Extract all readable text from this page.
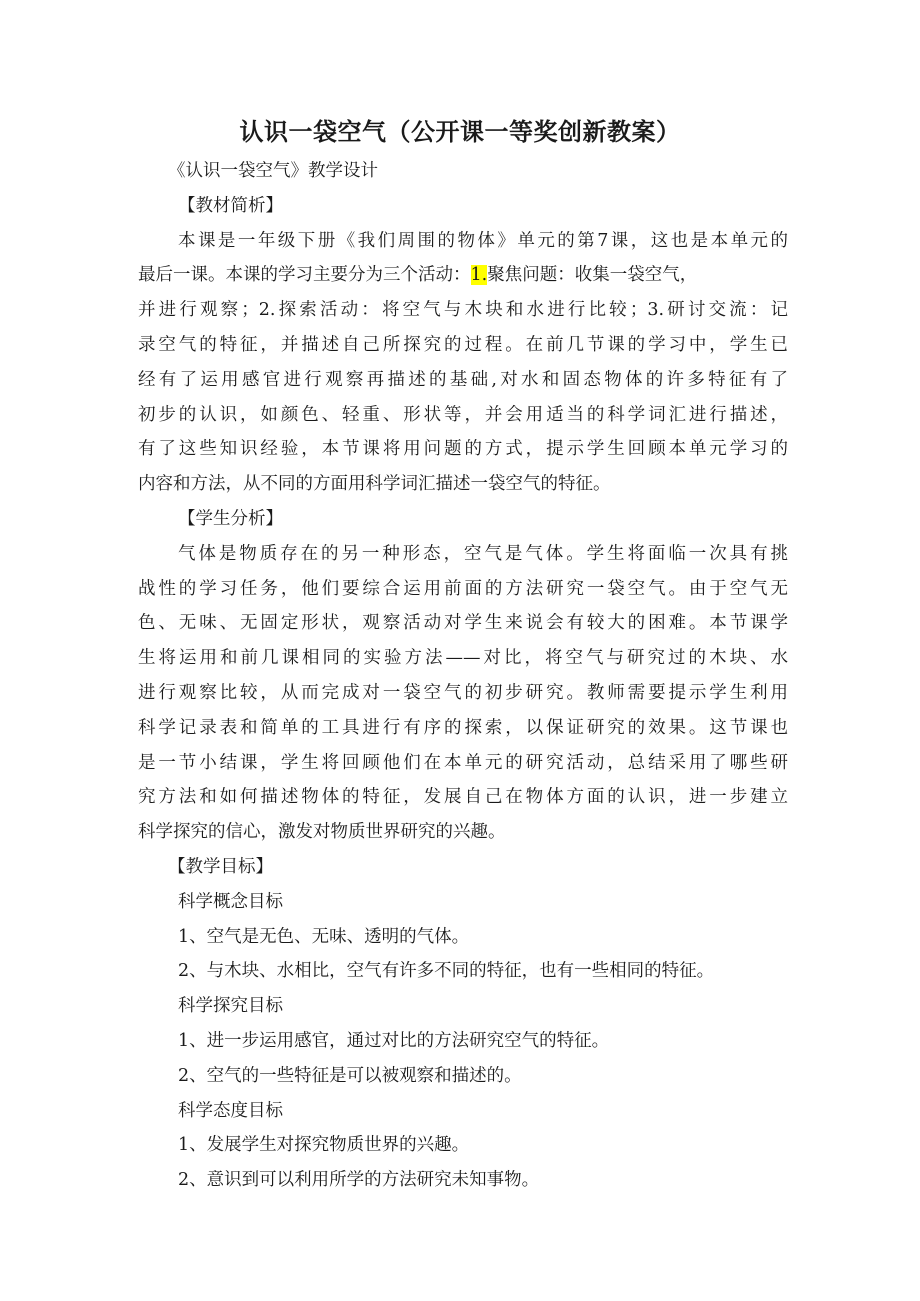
认识一袋空气（公开课一等奖创新教案）
《认识一袋空气》教学设计
【教材简析】
本课是一年级下册《我们周围的物体》单元的第7课，这也是本单元的
最后一课。本课的学习主要分为三个活动：1.聚焦问题：收集一袋空气，
并进行观察；2.探索活动：将空气与木块和水进行比较；3.研讨交流：记
录空气的特征，并描述自己所探究的过程。在前几节课的学习中，学生已
经有了运用感官进行观察再描述的基础,对水和固态物体的许多特征有了
初步的认识，如颜色、轻重、形状等，并会用适当的科学词汇进行描述，
有了这些知识经验，本节课将用问题的方式，提示学生回顾本单元学习的
内容和方法，从不同的方面用科学词汇描述一袋空气的特征。
【学生分析】
气体是物质存在的另一种形态，空气是气体。学生将面临一次具有挑
战性的学习任务，他们要综合运用前面的方法研究一袋空气。由于空气无
色、无味、无固定形状，观察活动对学生来说会有较大的困难。本节课学
生将运用和前几课相同的实验方法——对比，将空气与研究过的木块、水
进行观察比较，从而完成对一袋空气的初步研究。教师需要提示学生利用
科学记录表和简单的工具进行有序的探索，以保证研究的效果。这节课也
是一节小结课，学生将回顾他们在本单元的研究活动，总结采用了哪些研
究方法和如何描述物体的特征，发展自己在物体方面的认识，进一步建立
科学探究的信心，激发对物质世界研究的兴趣。
【教学目标】
科学概念目标
1、空气是无色、无味、透明的气体。
2、与木块、水相比，空气有许多不同的特征，也有一些相同的特征。
科学探究目标
1、进一步运用感官，通过对比的方法研究空气的特征。
2、空气的一些特征是可以被观察和描述的。
科学态度目标
1、发展学生对探究物质世界的兴趣。
2、意识到可以利用所学的方法研究未知事物。
